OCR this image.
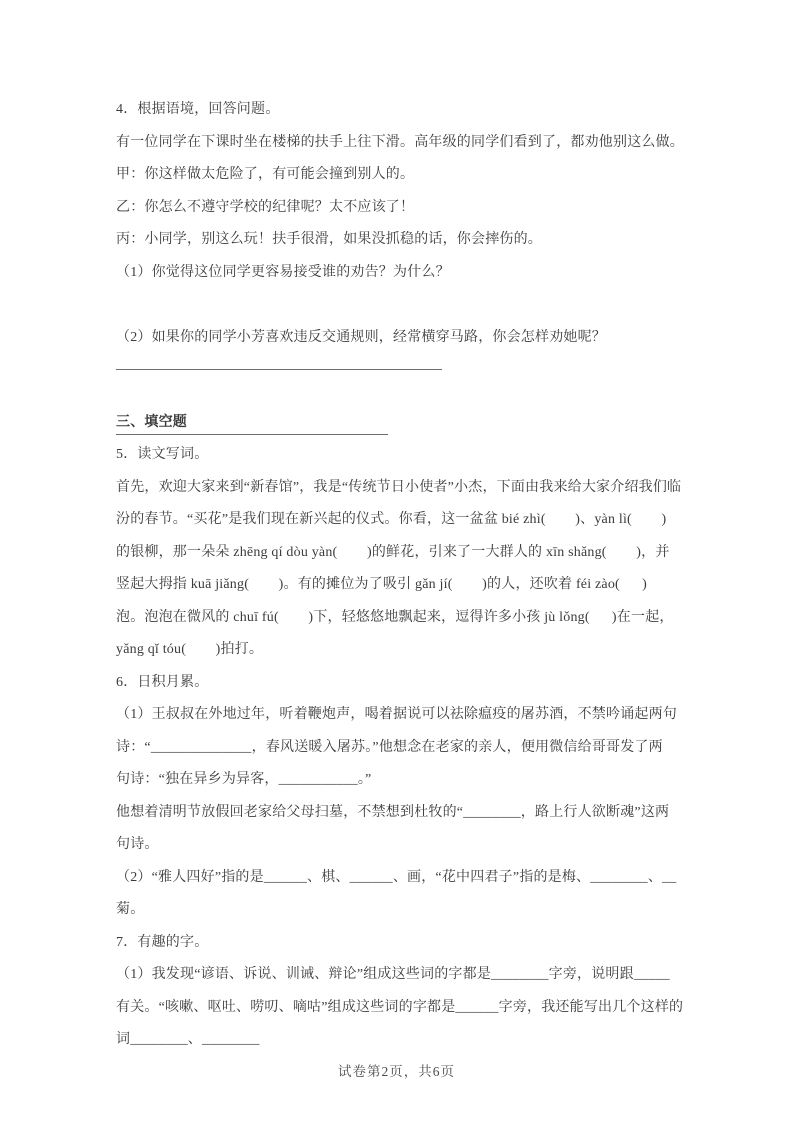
4．根据语境，回答问题。

有一位同学在下课时坐在楼梯的扶手上往下滑。高年级的同学们看到了，都劝他别这么做。

甲：你这样做太危险了，有可能会撞到别人的。

乙：你怎么不遵守学校的纪律呢？太不应该了！

丙：小同学，别这么玩！扶手很滑，如果没抓稳的话，你会摔伤的。

（1）你觉得这位同学更容易接受谁的劝告？为什么？

（2）如果你的同学小芳喜欢违反交通规则，经常横穿马路，你会怎样劝她呢？

三、填空题

5．读文写词。

首先，欢迎大家来到“新春馆”，我是“传统节日小使者”小杰，下面由我来给大家介绍我们临

汾的春节。“买花”是我们现在新兴起的仪式。你看，这一盆盆 bié zhì(        )、yàn lì(        )

的银柳，那一朵朵 zhēng qí dòu yàn(        )的鲜花，引来了一大群人的 xīn shǎng(        )，并

竖起大拇指 kuā jiǎng(        )。有的摊位为了吸引 gǎn jí(        )的人，还吹着 féi zào(      )

泡。泡泡在微风的 chuī fú(        )下，轻悠悠地飘起来，逗得许多小孩 jù lǒng(      )在一起，

yǎng qǐ tóu(        )拍打。

6．日积月累。

（1）王叔叔在外地过年，听着鞭炮声，喝着据说可以祛除瘟疫的屠苏酒，不禁吟诵起两句

诗：“______________，春风送暖入屠苏。”他想念在老家的亲人，便用微信给哥哥发了两

句诗：“独在异乡为异客，___________。”

他想着清明节放假回老家给父母扫墓，不禁想到杜牧的“________，路上行人欲断魂”这两

句诗。

（2）“雅人四好”指的是______、棋、______、画，“花中四君子”指的是梅、________、__

菊。

7．有趣的字。

（1）我发现“谚语、诉说、训诫、辩论”组成这些词的字都是________字旁，说明跟_____

有关。“咳嗽、呕吐、唠叨、嘀咕”组成这些词的字都是______字旁，我还能写出几个这样的

词________、________

试卷第2页，共6页
